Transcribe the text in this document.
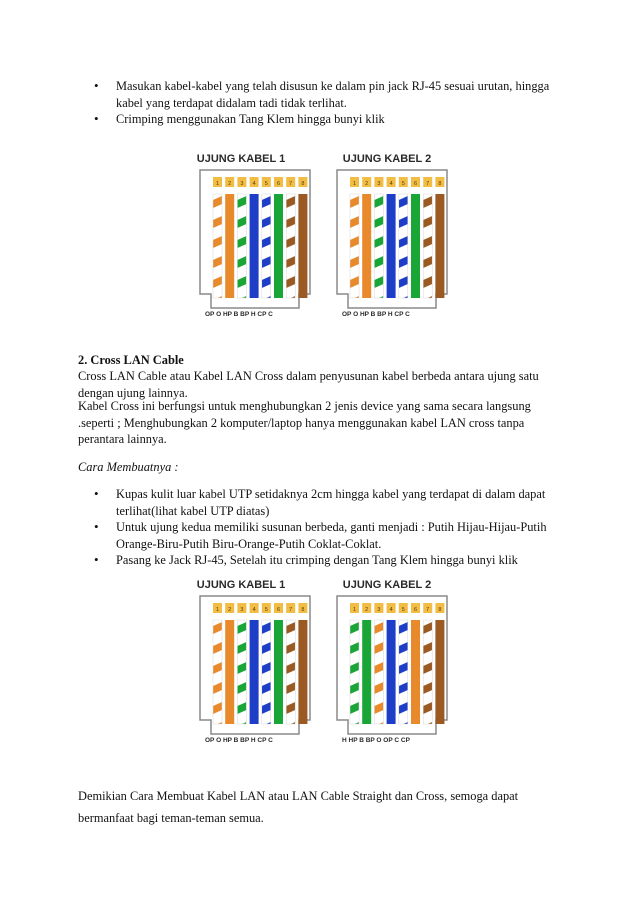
• Masukan kabel-kabel yang telah disusun ke dalam pin jack RJ-45 sesuai urutan, hingga kabel yang terdapat didalam tadi tidak terlihat.
• Crimping menggunakan Tang Klem hingga bunyi klik
UJUNG KABEL 1	UJUNG KABEL 2
1 2 3 4 5 6 7 8	1 2 3 4 5 6 7 8
OP O HP B BP H CP C	OP O HP B BP H CP C
2. Cross LAN Cable
Cross LAN Cable atau Kabel LAN Cross dalam penyusunan kabel berbeda antara ujung satu dengan ujung lainnya.
Kabel Cross ini berfungsi untuk menghubungkan 2 jenis device yang sama secara langsung .seperti ; Menghubungkan 2 komputer/laptop hanya menggunakan kabel LAN cross tanpa perantara lainnya.
Cara Membuatnya :
• Kupas kulit luar kabel UTP setidaknya 2cm hingga kabel yang terdapat di dalam dapat terlihat(lihat kabel UTP diatas)
• Untuk ujung kedua memiliki susunan berbeda, ganti menjadi : Putih Hijau-Hijau-Putih Orange-Biru-Putih Biru-Orange-Putih Coklat-Coklat.
• Pasang ke Jack RJ-45, Setelah itu crimping dengan Tang Klem hingga bunyi klik
UJUNG KABEL 1	UJUNG KABEL 2
1 2 3 4 5 6 7 8	1 2 3 4 5 6 7 8
OP O HP B BP H CP C	H HP B BP O OP C CP
Demikian Cara Membuat Kabel LAN atau LAN Cable Straight dan Cross, semoga dapat bermanfaat bagi teman-teman semua.
